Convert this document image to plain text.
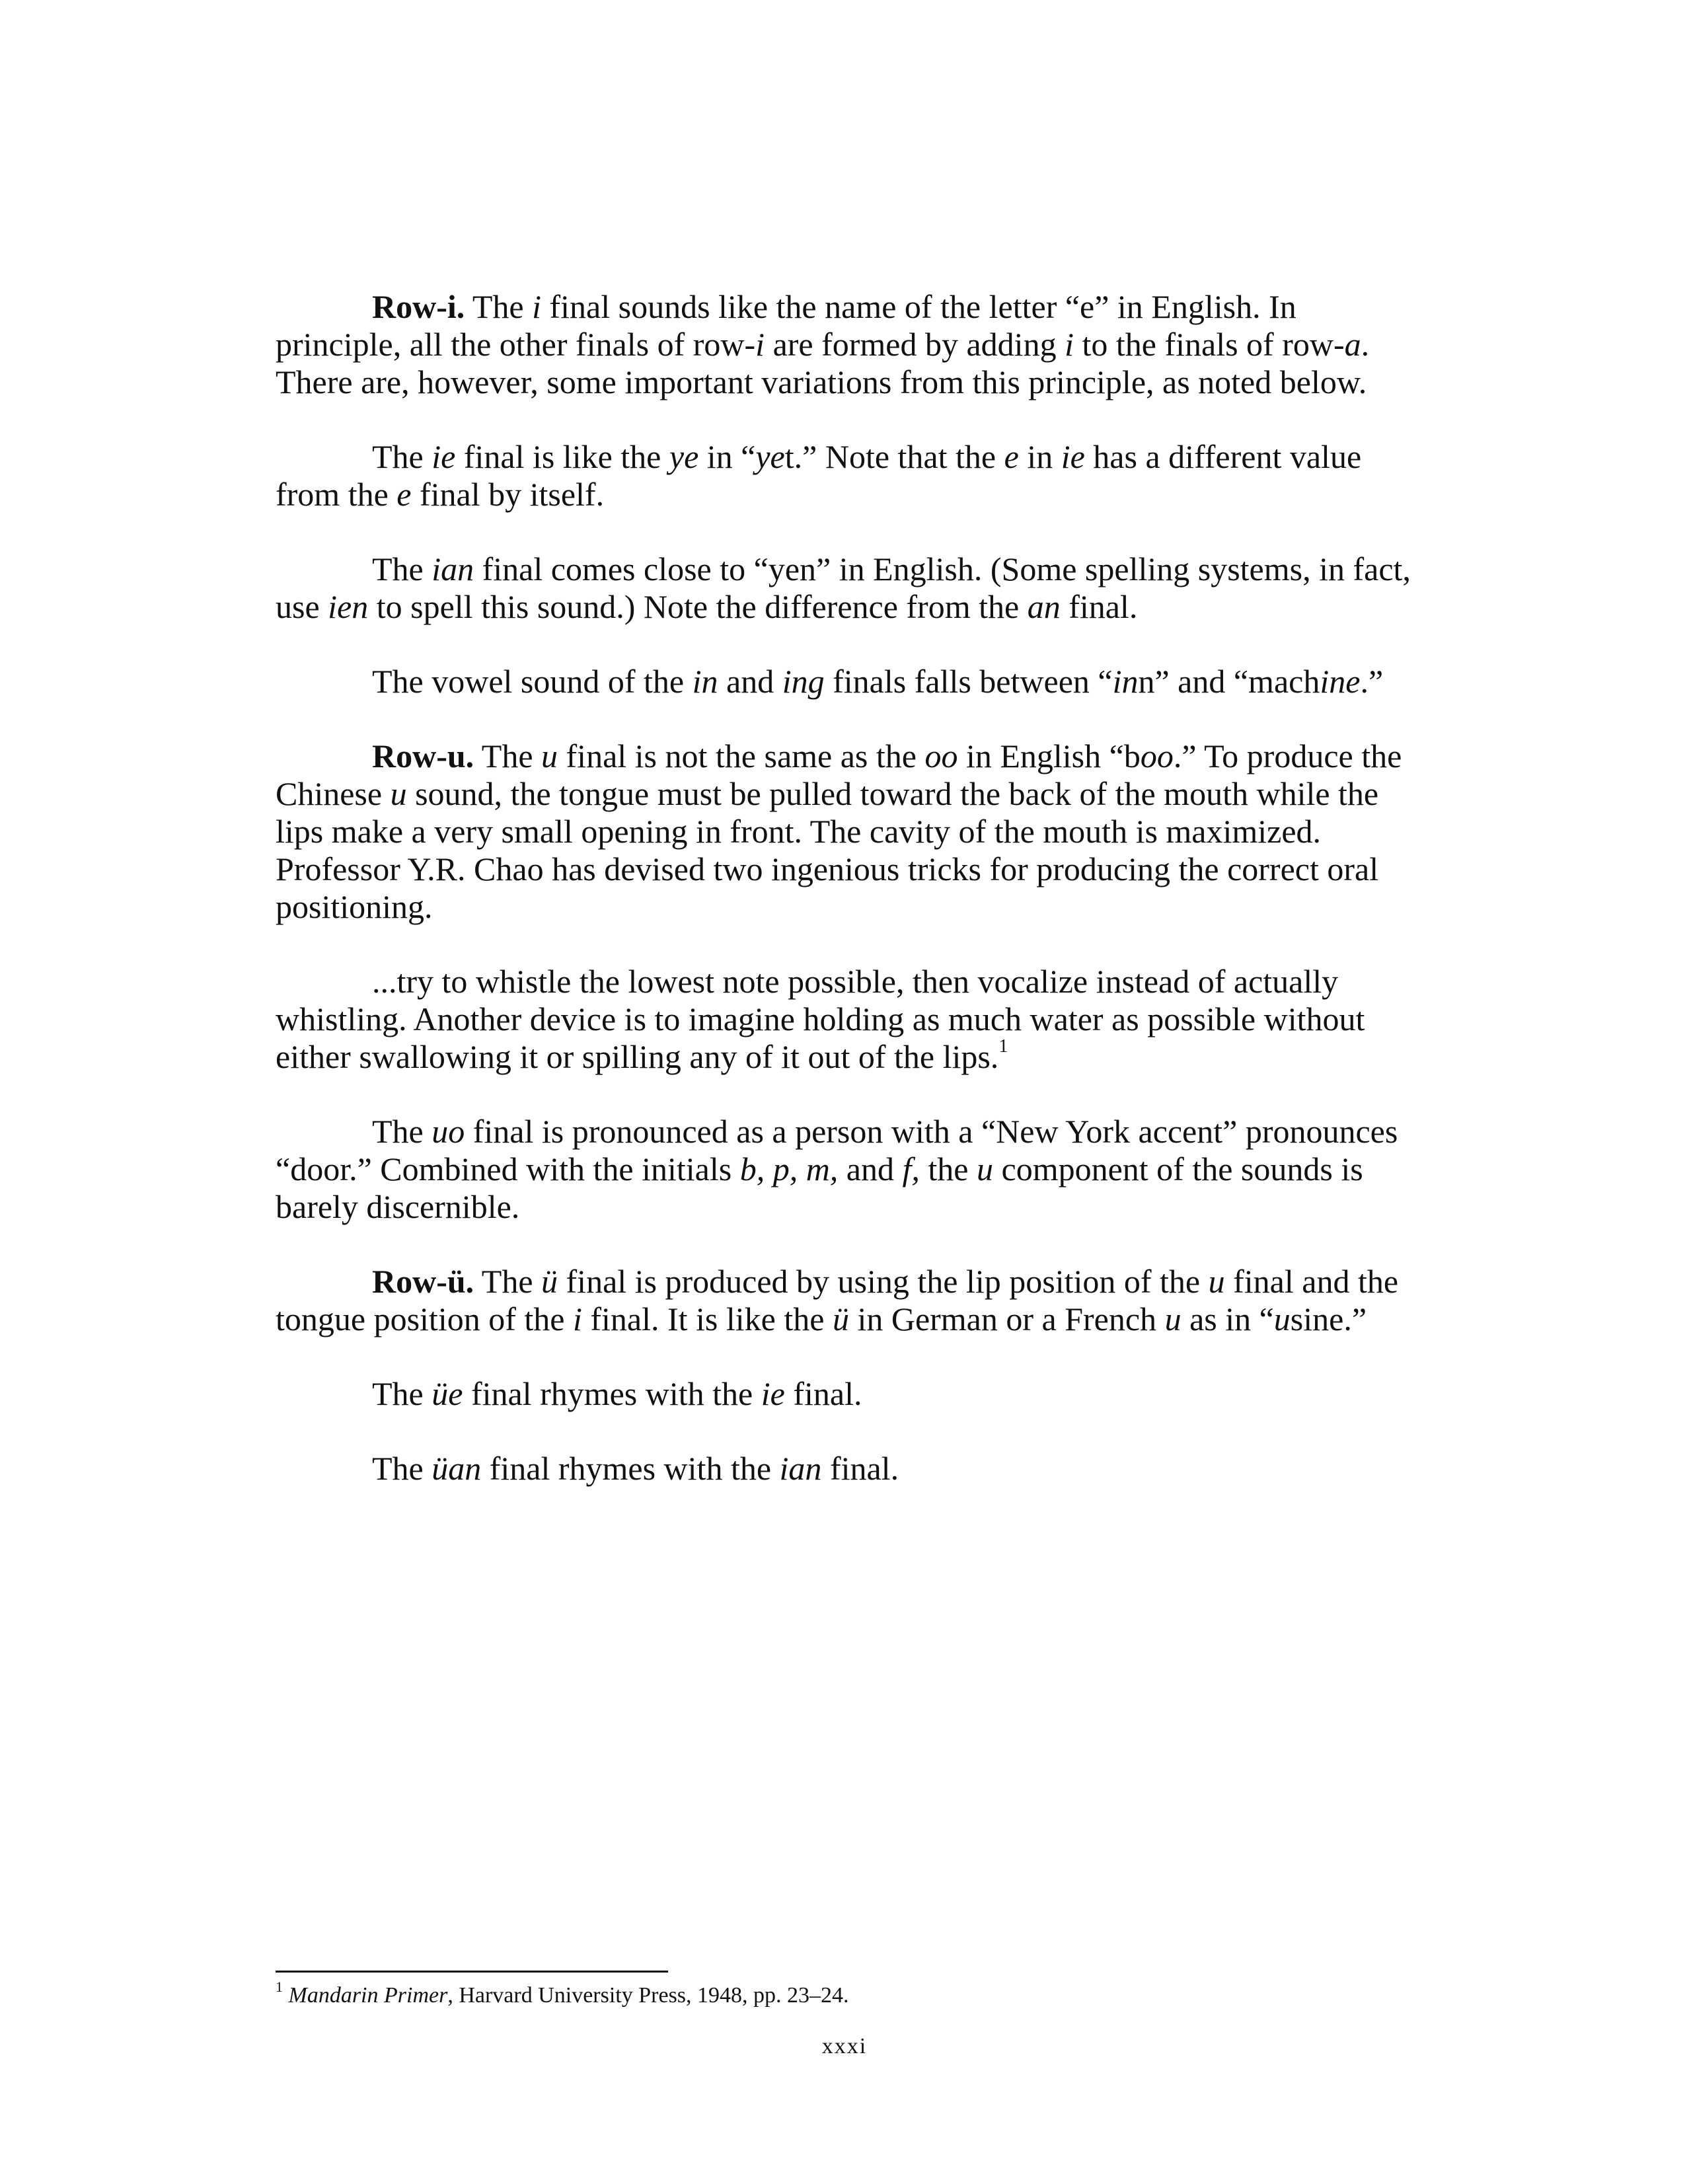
Row-i. The i final sounds like the name of the letter “e” in English. In principle, all the other finals of row-i are formed by adding i to the finals of row-a. There are, however, some important variations from this principle, as noted below.

The ie final is like the ye in “yet.” Note that the e in ie has a different value from the e final by itself.

The ian final comes close to “yen” in English. (Some spelling systems, in fact, use ien to spell this sound.) Note the difference from the an final.

The vowel sound of the in and ing finals falls between “inn” and “machine.”

Row-u. The u final is not the same as the oo in English “boo.” To produce the Chinese u sound, the tongue must be pulled toward the back of the mouth while the lips make a very small opening in front. The cavity of the mouth is maximized. Professor Y.R. Chao has devised two ingenious tricks for producing the correct oral positioning.

...try to whistle the lowest note possible, then vocalize instead of actually whistling. Another device is to imagine holding as much water as possible without either swallowing it or spilling any of it out of the lips.$^1$

The uo final is pronounced as a person with a “New York accent” pronounces “door.” Combined with the initials b, p, m, and f, the u component of the sounds is barely discernible.

Row-ü. The ü final is produced by using the lip position of the u final and the tongue position of the i final. It is like the ü in German or a French u as in “usine.”

The üe final rhymes with the ie final.

The üan final rhymes with the ian final.

$^1$ Mandarin Primer, Harvard University Press, 1948, pp. 23–24.
xxxi
